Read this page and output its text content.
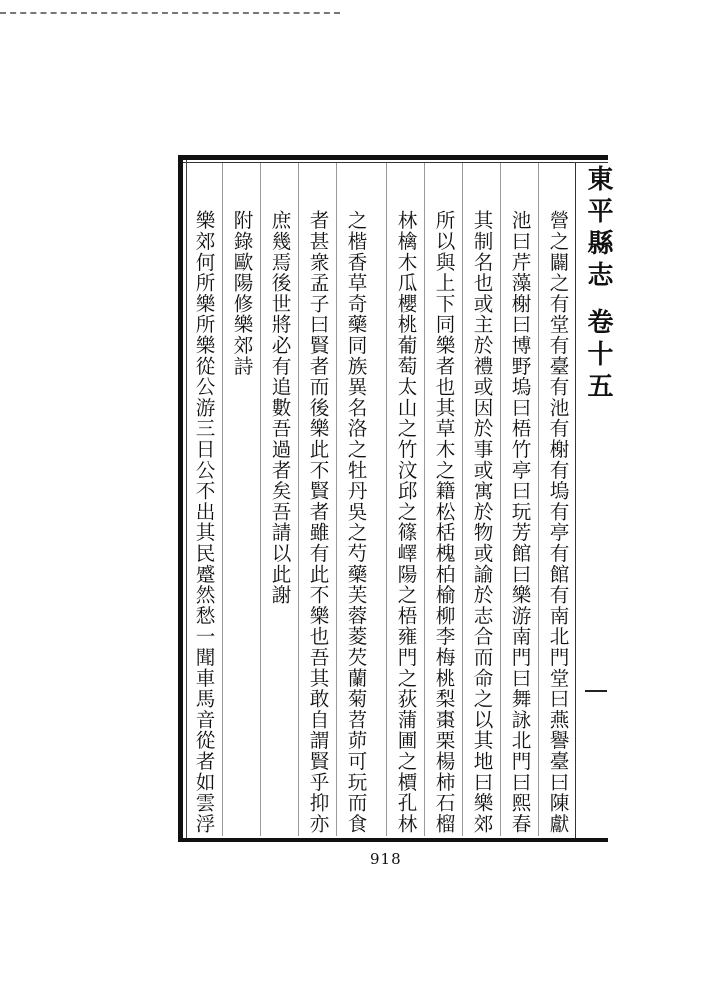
東平縣志 卷十五
營之闢之有堂有臺有池有榭有塢有亭有館有南北門堂曰燕譽臺曰陳獻
池曰芹藻榭曰博野塢曰梧竹亭曰玩芳館曰樂游南門曰舞詠北門曰熙春
其制名也或主於禮或因於事或寓於物或諭於志合而命之以其地曰樂郊
所以與上下同樂者也其草木之籍松栝槐柏榆柳李梅桃梨棗栗楊柿石榴
林檎木瓜櫻桃葡萄太山之竹汶邱之篠嶧陽之梧雍門之荻蒲圃之檟孔林
之楷香草奇藥同族異名洛之牡丹吳之芍藥芙蓉菱芡蘭菊苕茆可玩而食
者甚衆孟子曰賢者而後樂此不賢者雖有此不樂也吾其敢自謂賢乎抑亦
庶幾焉後世將必有追數吾過者矣吾請以此謝
附錄歐陽修樂郊詩
樂郊何所樂所樂從公游三日公不出其民蹙然愁一聞車馬音從者如雲浮
918
